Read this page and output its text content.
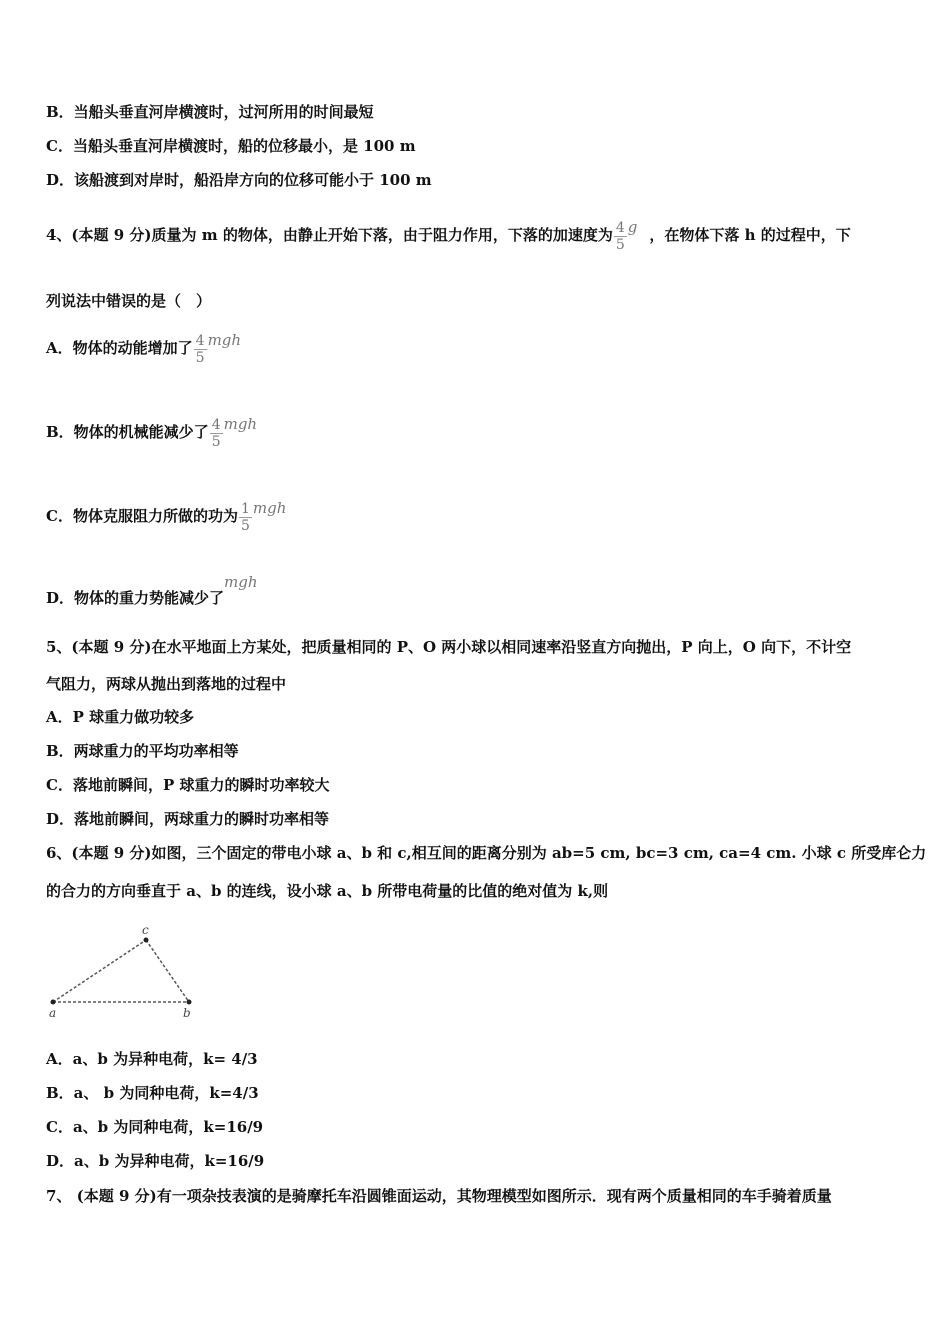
B．当船头垂直河岸横渡时，过河所用的时间最短
C．当船头垂直河岸横渡时，船的位移最小，是 100 m
D．该船渡到对岸时，船沿岸方向的位移可能小于 100 m
4、(本题 9 分)质量为 m 的物体，由静止开始下落，由于阻力作用，下落的加速度为 $\frac{4}{5}$ g ，在物体下落 h 的过程中，下
列说法中错误的是（　）
A．物体的动能增加了 $\frac{4}{5}$ mgh
B．物体的机械能减少了 $\frac{4}{5}$ mgh
C．物体克服阻力所做的功为 $\frac{1}{5}$ mgh
D．物体的重力势能减少了mgh
5、(本题 9 分)在水平地面上方某处，把质量相同的 P、O 两小球以相同速率沿竖直方向抛出，P 向上，O 向下，不计空
气阻力，两球从抛出到落地的过程中
A．P 球重力做功较多
B．两球重力的平均功率相等
C．落地前瞬间，P 球重力的瞬时功率较大
D．落地前瞬间，两球重力的瞬时功率相等
6、(本题 9 分)如图，三个固定的带电小球 a、b 和 c,相互间的距离分别为 ab=5 cm, bc=3 cm, ca=4 cm. 小球 c 所受库仑力
的合力的方向垂直于 a、b 的连线，设小球 a、b 所带电荷量的比值的绝对值为 k,则
a	b
c
A．a、b 为异种电荷，k= 4/3
B．a、 b 为同种电荷，k=4/3
C．a、b 为同种电荷，k=16/9
D．a、b 为异种电荷，k=16/9
7、 (本题 9 分)有一项杂技表演的是骑摩托车沿圆锥面运动，其物理模型如图所示．现有两个质量相同的车手骑着质量
